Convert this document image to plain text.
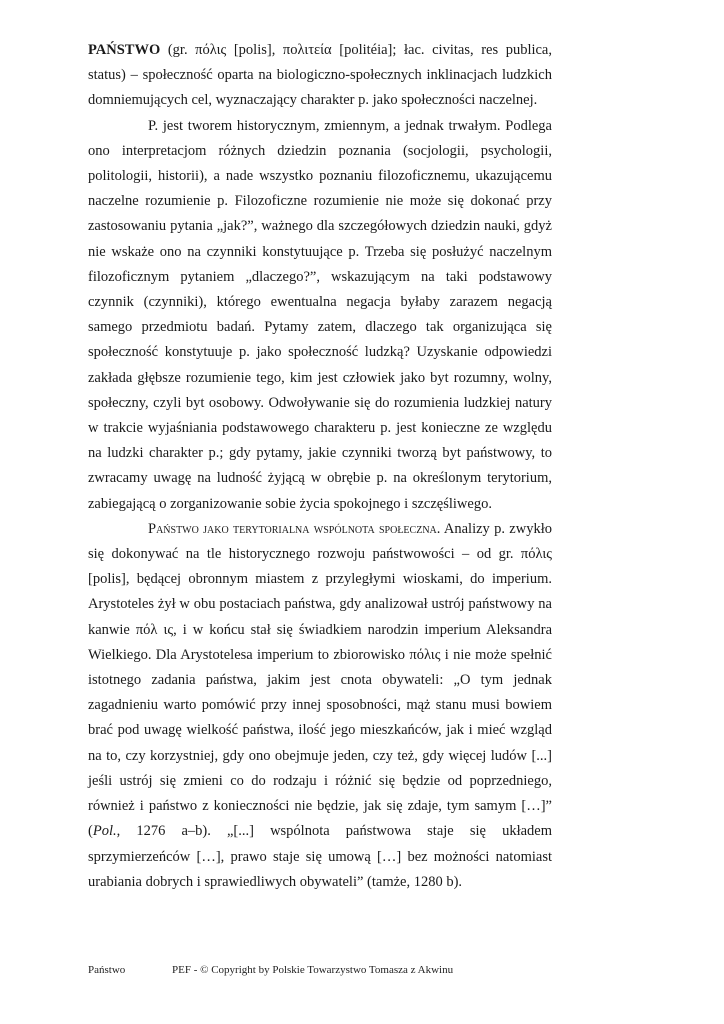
PAŃSTWO (gr. πόλις [polis], πολιτεία [politéia]; łac. civitas, res publica, status) – społeczność oparta na biologiczno-społecznych inklinacjach ludzkich domniemujących cel, wyznaczający charakter p. jako społeczności naczelnej.

P. jest tworem historycznym, zmiennym, a jednak trwałym. Podlega ono interpretacjom różnych dziedzin poznania (socjologii, psychologii, politologii, historii), a nade wszystko poznaniu filozoficznemu, ukazującemu naczelne rozumienie p. Filozoficzne rozumienie nie może się dokonać przy zastosowaniu pytania „jak?”, ważnego dla szczegółowych dziedzin nauki, gdyż nie wskaże ono na czynniki konstytuujące p. Trzeba się posłużyć naczelnym filozoficznym pytaniem „dlaczego?”, wskazującym na taki podstawowy czynnik (czynniki), którego ewentualna negacja byłaby zarazem negacją samego przedmiotu badań. Pytamy zatem, dlaczego tak organizująca się społeczność konstytuuje p. jako społeczność ludzką? Uzyskanie odpowiedzi zakłada głębsze rozumienie tego, kim jest człowiek jako byt rozumny, wolny, społeczny, czyli byt osobowy. Odwoływanie się do rozumienia ludzkiej natury w trakcie wyjaśniania podstawowego charakteru p. jest konieczne ze względu na ludzki charakter p.; gdy pytamy, jakie czynniki tworzą byt państwowy, to zwracamy uwagę na ludność żyjącą w obrębie p. na określonym terytorium, zabiegającą o zorganizowanie sobie życia spokojnego i szczęśliwego.

Państwo jako terytorialna wspólnota społeczna. Analizy p. zwykło się dokonywać na tle historycznego rozwoju państwowości – od gr. πόλις [polis], będącej obronnym miastem z przyległymi wioskami, do imperium. Arystoteles żył w obu postaciach państwa, gdy analizował ustrój państwowy na kanwie πόλ ις, i w końcu stał się świadkiem narodzin imperium Aleksandra Wielkiego. Dla Arystotelesa imperium to zbiorowisko πόλις i nie może spełnić istotnego zadania państwa, jakim jest cnota obywateli: „O tym jednak zagadnieniu warto pomówić przy innej sposobności, mąż stanu musi bowiem brać pod uwagę wielkość państwa, ilość jego mieszkańców, jak i mieć wzgląd na to, czy korzystniej, gdy ono obejmuje jeden, czy też, gdy więcej ludów [...] jeśli ustrój się zmieni co do rodzaju i różnić się będzie od poprzedniego, również i państwo z konieczności nie będzie, jak się zdaje, tym samym […]” (Pol., 1276 a–b). „[...] wspólnota państwowa staje się układem sprzymierzeńców […], prawo staje się umową […] bez możności natomiast urabiania dobrych i sprawiedliwych obywateli” (tamże, 1280 b).

Państwo	PEF - © Copyright by Polskie Towarzystwo Tomasza z Akwinu
